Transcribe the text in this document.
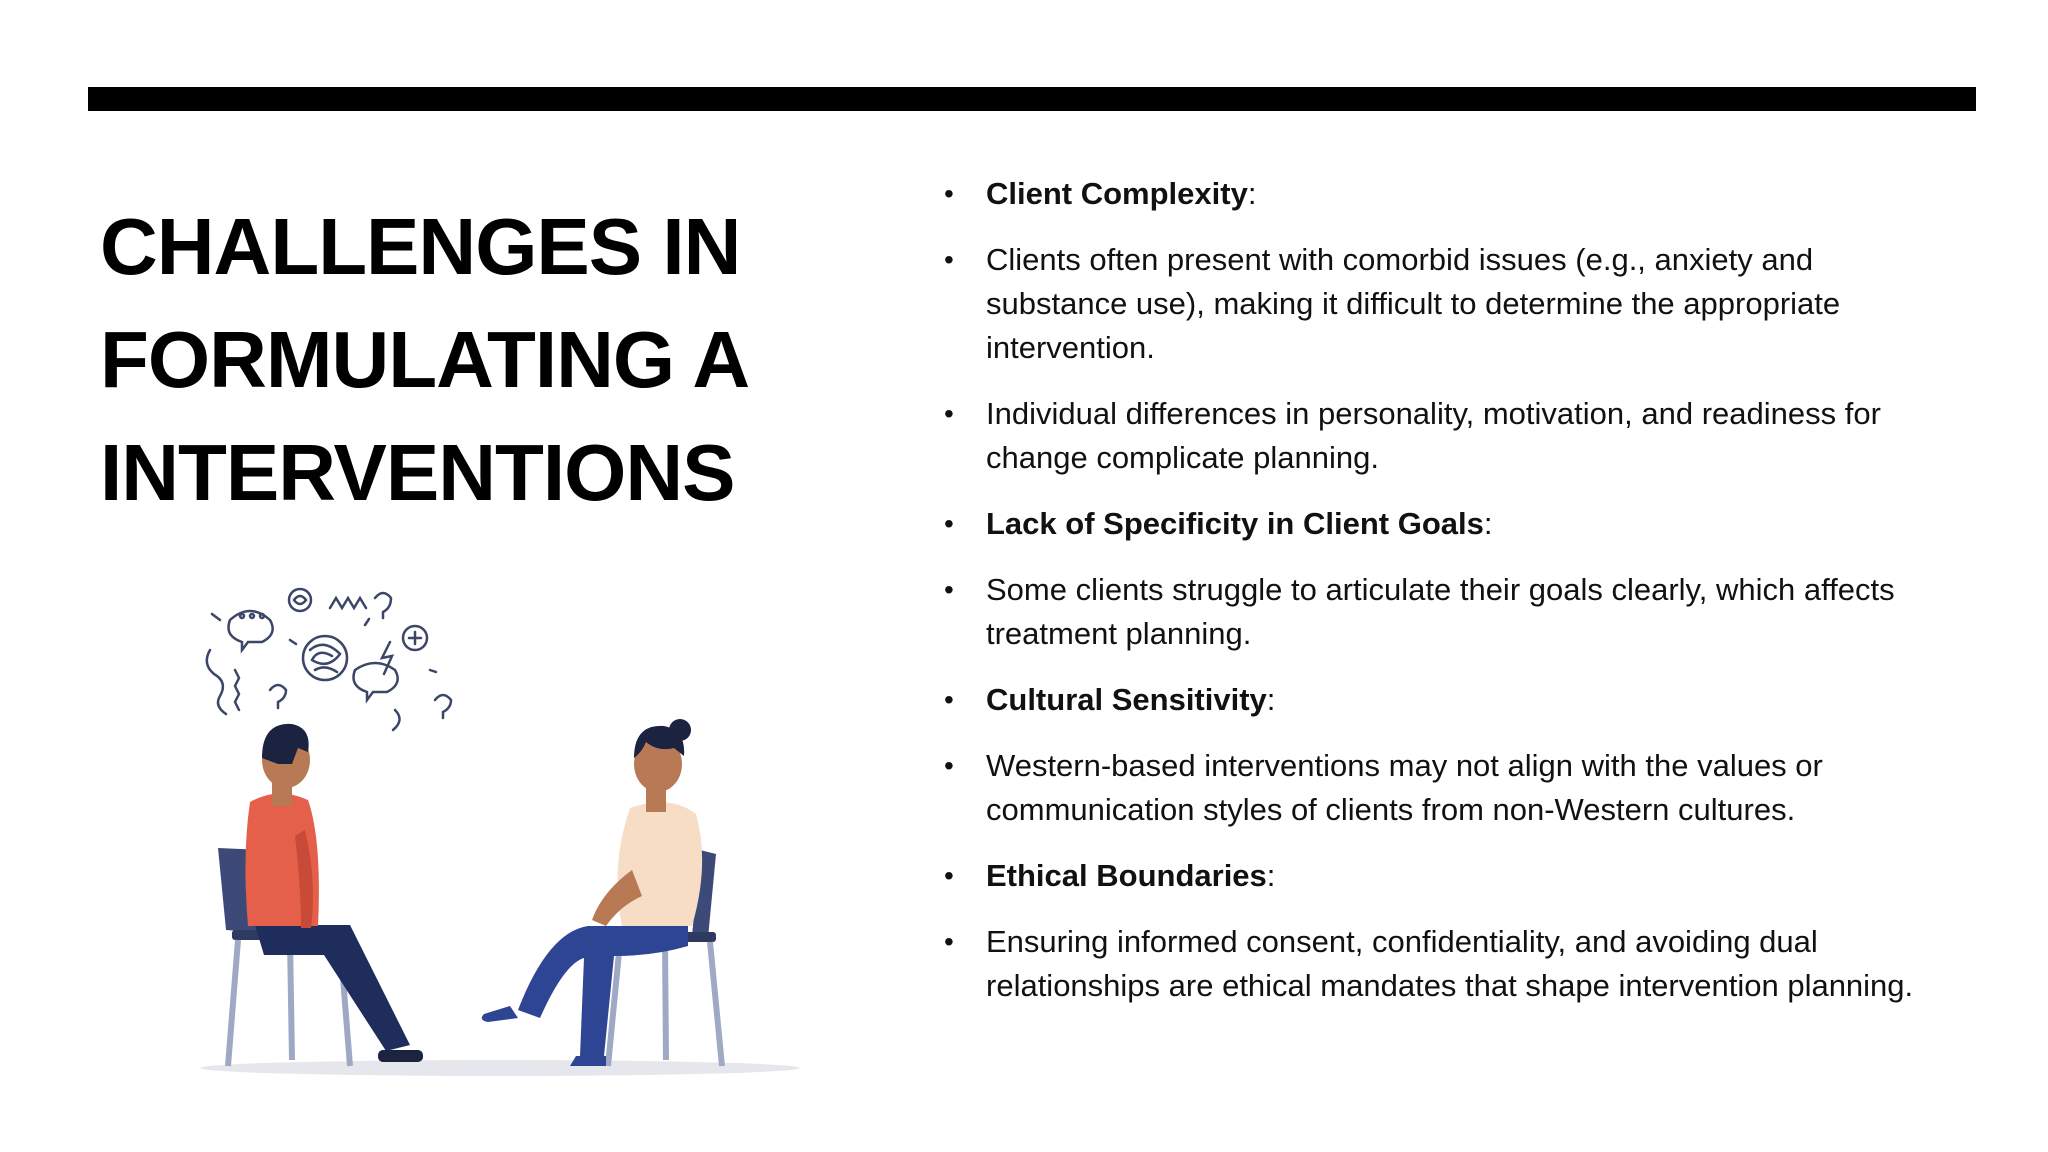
CHALLENGES IN
FORMULATING A
INTERVENTIONS
• Client Complexity:
• Clients often present with comorbid issues (e.g., anxiety and substance use), making it difficult to determine the appropriate intervention.
• Individual differences in personality, motivation, and readiness for change complicate planning.
• Lack of Specificity in Client Goals:
• Some clients struggle to articulate their goals clearly, which affects treatment planning.
• Cultural Sensitivity:
• Western-based interventions may not align with the values or communication styles of clients from non-Western cultures.
• Ethical Boundaries:
• Ensuring informed consent, confidentiality, and avoiding dual relationships are ethical mandates that shape intervention planning.
